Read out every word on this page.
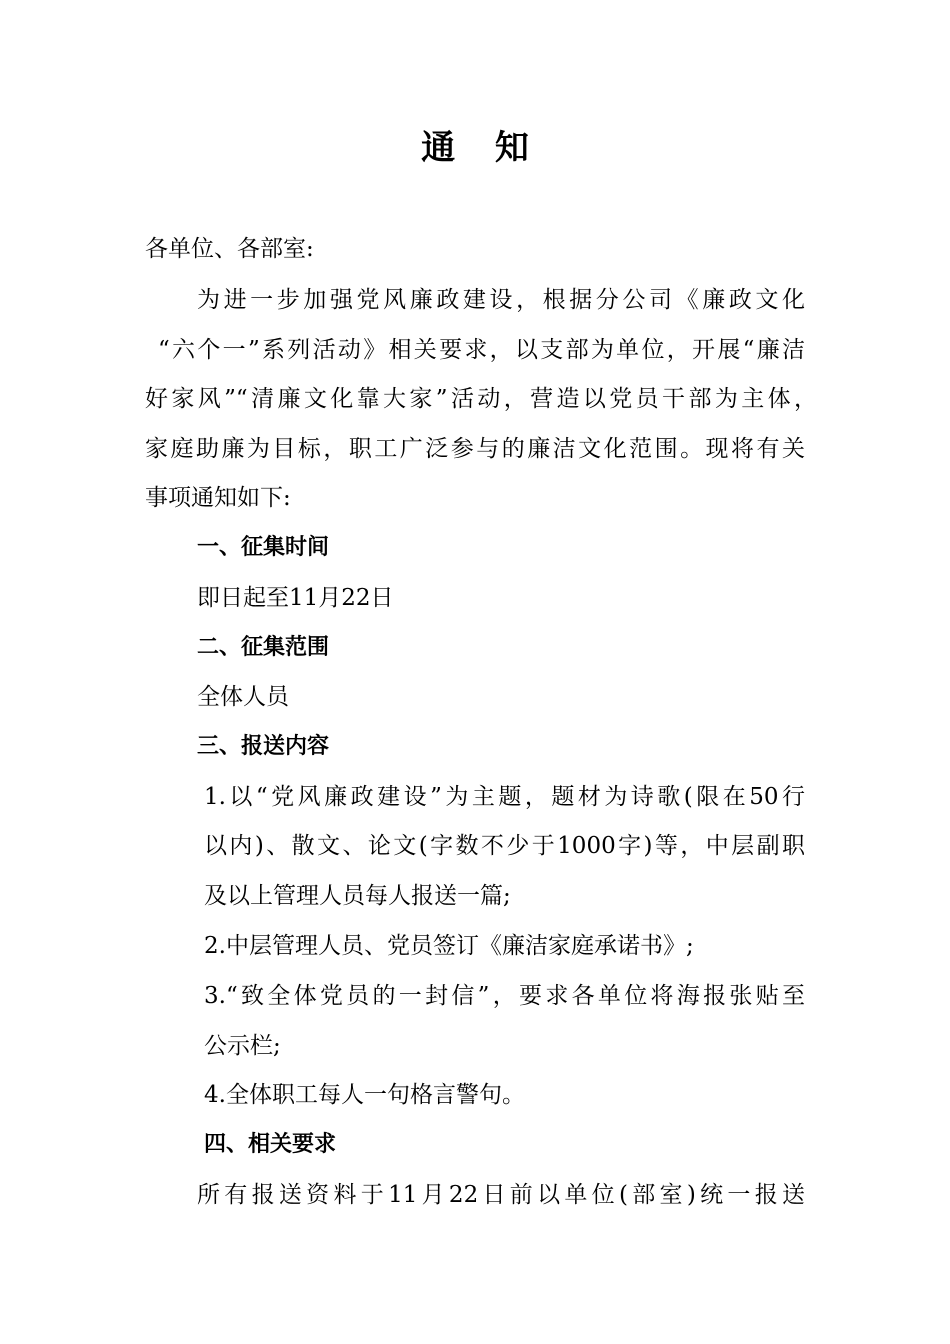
通 知
各单位、各部室:
为进一步加强党风廉政建设，根据分公司《廉政文化
“六个一”系列活动》相关要求，以支部为单位，开展“廉洁
好家风”“清廉文化靠大家”活动，营造以党员干部为主体，
家庭助廉为目标，职工广泛参与的廉洁文化范围。现将有关
事项通知如下:
一、征集时间
即日起至11月22日
二、征集范围
全体人员
三、报送内容
1.以“党风廉政建设”为主题，题材为诗歌(限在50行
以内)、散文、论文(字数不少于1000字)等，中层副职
及以上管理人员每人报送一篇;
2.中层管理人员、党员签订《廉洁家庭承诺书》;
3.“致全体党员的一封信”，要求各单位将海报张贴至
公示栏;
4.全体职工每人一句格言警句。
四、相关要求
所有报送资料于11月22日前以单位(部室)统一报送
